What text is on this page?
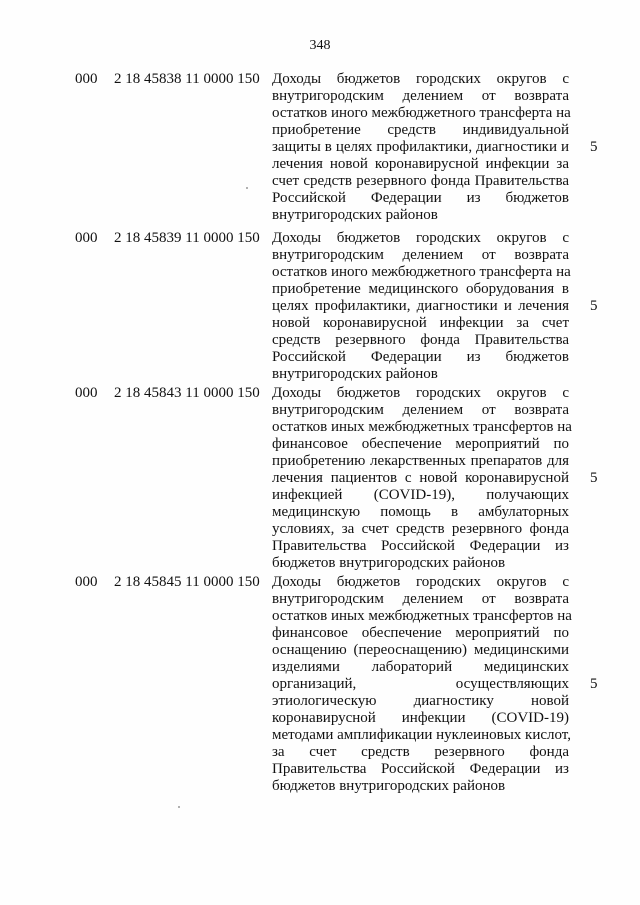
348
000 2 18 45838 11 0000 150 Доходы бюджетов городских округов с
внутригородским делением от возврата
остатков иного межбюджетного трансферта на
приобретение средств индивидуальной
защиты в целях профилактики, диагностики и
лечения новой коронавирусной инфекции за
счет средств резервного фонда Правительства
Российской Федерации из бюджетов
внутригородских районов
5
000 2 18 45839 11 0000 150 Доходы бюджетов городских округов с
внутригородским делением от возврата
остатков иного межбюджетного трансферта на
приобретение медицинского оборудования в
целях профилактики, диагностики и лечения
новой коронавирусной инфекции за счет
средств резервного фонда Правительства
Российской Федерации из бюджетов
внутригородских районов
5
000 2 18 45843 11 0000 150 Доходы бюджетов городских округов с
внутригородским делением от возврата
остатков иных межбюджетных трансфертов на
финансовое обеспечение мероприятий по
приобретению лекарственных препаратов для
лечения пациентов с новой коронавирусной
инфекцией (COVID-19), получающих
медицинскую помощь в амбулаторных
условиях, за счет средств резервного фонда
Правительства Российской Федерации из
бюджетов внутригородских районов
5
000 2 18 45845 11 0000 150 Доходы бюджетов городских округов с
внутригородским делением от возврата
остатков иных межбюджетных трансфертов на
финансовое обеспечение мероприятий по
оснащению (переоснащению) медицинскими
изделиями лабораторий медицинских
организаций, осуществляющих
этиологическую диагностику новой
коронавирусной инфекции (COVID-19)
методами амплификации нуклеиновых кислот,
за счет средств резервного фонда
Правительства Российской Федерации из
бюджетов внутригородских районов
5
